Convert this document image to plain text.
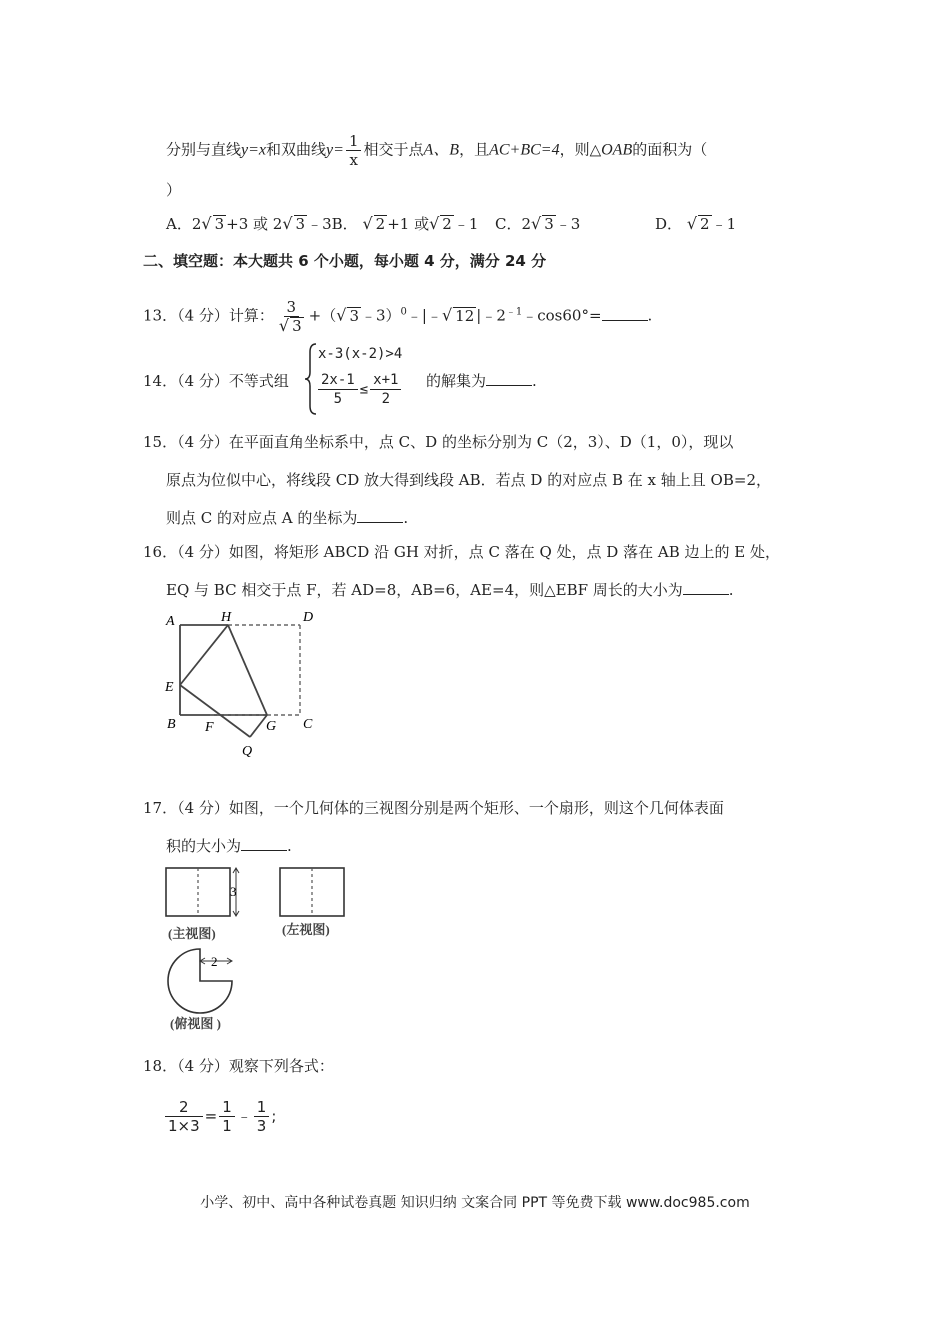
分别与直线y=x和双曲线$y= \frac{1}{x}$ 相交于点A、B，且AC+BC=4，则△OAB的面积为（
）
A．2√ 3 +3 或 2√ 3 ﹣3B． √ 2 +1 或√ 2 ﹣1 C．2√ 3 ﹣3	D． √ 2 ﹣1
二、填空题：本大题共 6 个小题，每小题 4 分，满分 24 分
13．（4 分）计算： $\frac{3}{√ 3}$ +（√ 3 ﹣3）$^0$﹣|﹣√ 12 $|﹣2^{﹣1}﹣\cos 60^\circ=$	.
14．（4 分）不等式组
x-3(x-2)>4
$\frac{2x-1}{5} \le \frac{x+1}{2}$ 的解集为	.
15．（4 分）在平面直角坐标系中，点 C、D 的坐标分别为 C（2，3）、D（1，0），现以
原点为位似中心，将线段 CD 放大得到线段 AB．若点 D 的对应点 B 在 x 轴上且 OB=2，
则点 C 的对应点 A 的坐标为	.
16．（4 分）如图，将矩形 ABCD 沿 GH 对折，点 C 落在 Q 处，点 D 落在 AB 边上的 E 处，
EQ 与 BC 相交于点 F，若 AD=8，AB=6，AE=4，则△EBF 周长的大小为	.
A	H	D
E
B F	G C
Q
17．（4 分）如图，一个几何体的三视图分别是两个矩形、一个扇形，则这个几何体表面
积的大小为	.
3
(主视图)	(左视图)
2
(俯视图 )
18．（4 分）观察下列各式：
$\frac{2}{1\times 3} = \frac{1}{1}$ ﹣ $\frac{1}{3}$ ;
小学、初中、高中各种试卷真题 知识归纳 文案合同 PPT 等免费下载 www.doc985.com
